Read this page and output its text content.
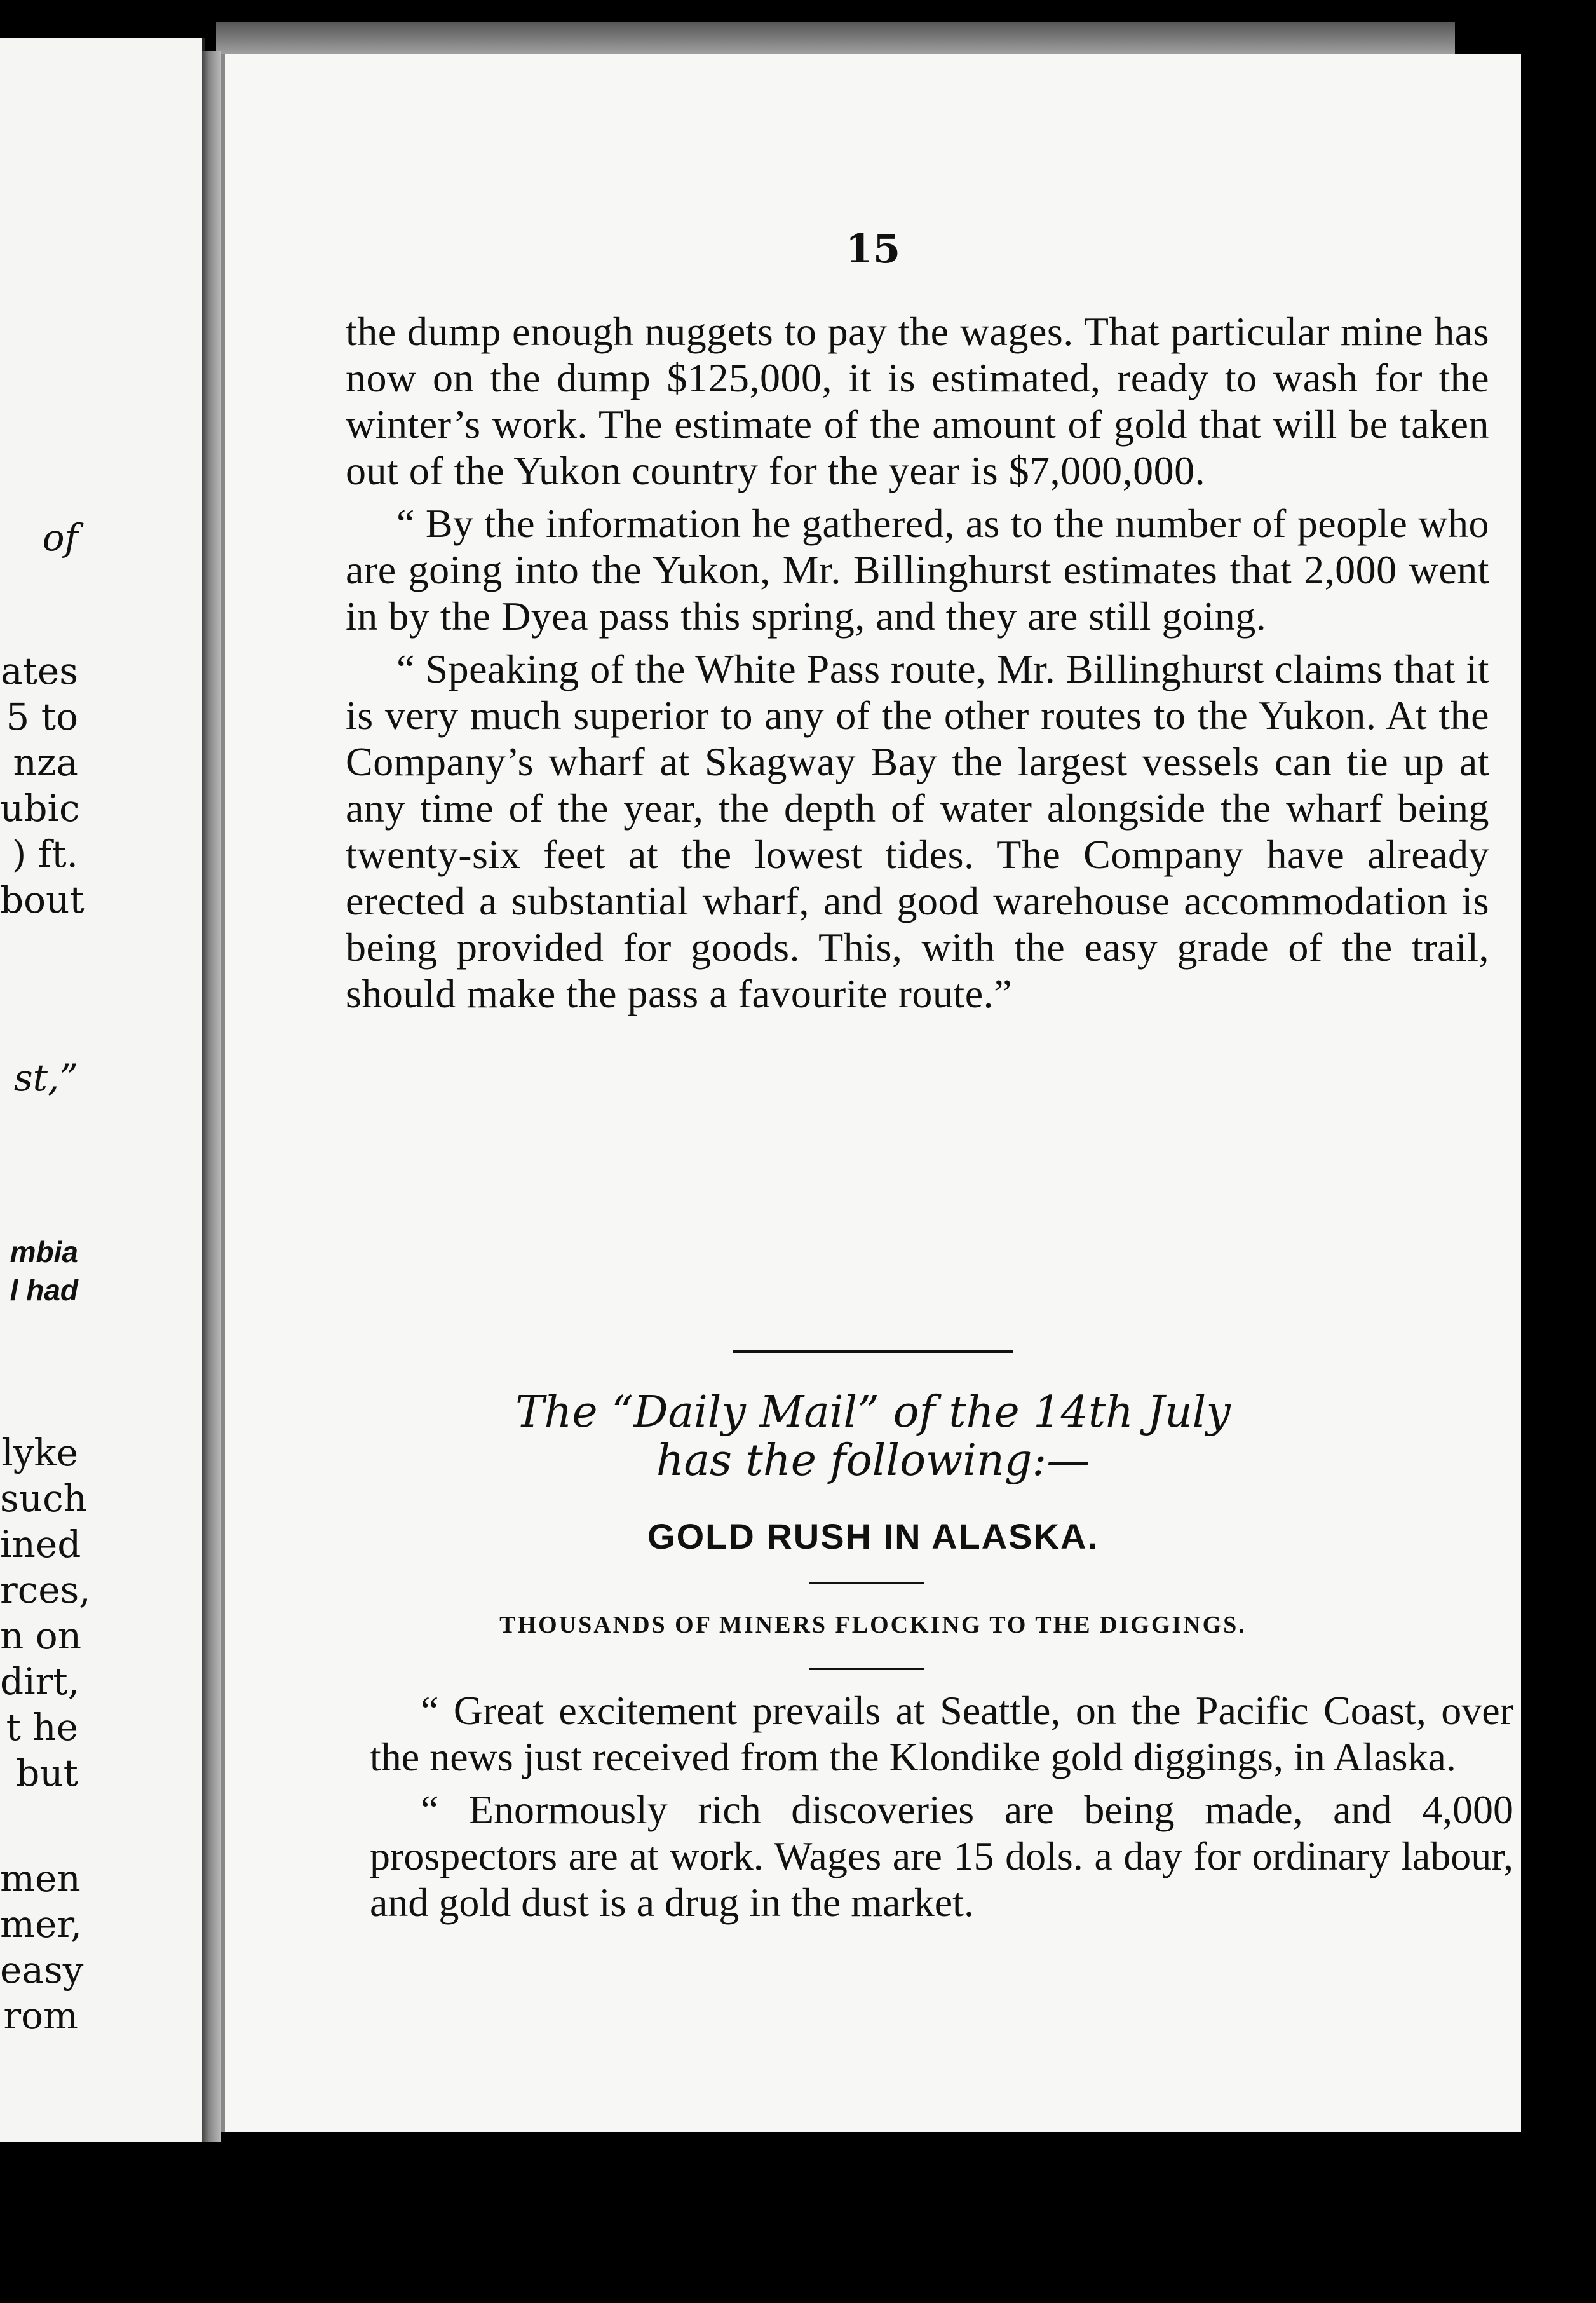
of
ates
5 to
nza
ubic
) ft.
bout
st,”
mbia
l had
lyke
such
ined
rces,
n on
dirt,
t he
but
men
mer,
easy
rom
15

the dump enough nuggets to pay the wages. That particular mine has now on the dump $125,000, it is estimated, ready to wash for the winter’s work. The estimate of the amount of gold that will be taken out of the Yukon country for the year is $7,000,000.

“ By the information he gathered, as to the number of people who are going into the Yukon, Mr. Billinghurst estimates that 2,000 went in by the Dyea pass this spring, and they are still going.

“ Speaking of the White Pass route, Mr. Billinghurst claims that it is very much superior to any of the other routes to the Yukon. At the Company’s wharf at Skagway Bay the largest vessels can tie up at any time of the year, the depth of water alongside the wharf being twenty-six feet at the lowest tides. The Company have already erected a substantial wharf, and good warehouse accommodation is being provided for goods. This, with the easy grade of the trail, should make the pass a favourite route.”

The “Daily Mail” of the 14th July
has the following:—
GOLD RUSH IN ALASKA.
THOUSANDS OF MINERS FLOCKING TO THE DIGGINGS.

“ Great excitement prevails at Seattle, on the Pacific Coast, over the news just received from the Klondike gold diggings, in Alaska.

“ Enormously rich discoveries are being made, and 4,000 prospectors are at work. Wages are 15 dols. a day for ordinary labour, and gold dust is a drug in the market.
